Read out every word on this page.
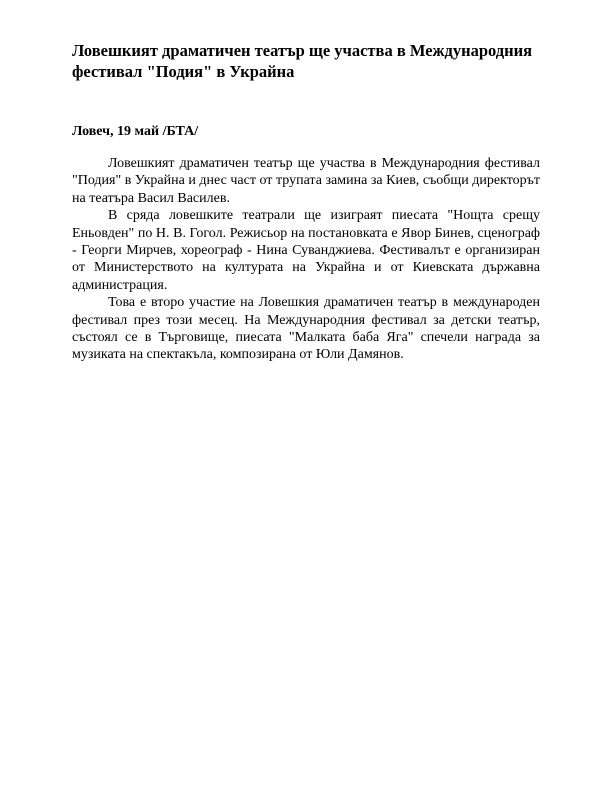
Ловешкият драматичен театър ще участва в Международния фестивал "Подия" в Украйна

Ловеч, 19 май /БТА/

Ловешкият драматичен театър ще участва в Международния фестивал "Подия" в Украйна и днес част от трупата замина за Киев, съобщи директорът на театъра Васил Василев.

В сряда ловешките театрали ще изиграят пиесата "Нощта срещу Еньовден" по Н. В. Гогол. Режисьор на постановката е Явор Бинев, сценограф - Георги Мирчев, хореограф - Нина Суванджиева. Фестивалът е организиран от Министерството на културата на Украйна и от Киевската държавна администрация.

Това е второ участие на Ловешкия драматичен театър в международен фестивал през този месец. На Международния фестивал за детски театър, състоял се в Търговище, пиесата "Малката баба Яга" спечели награда за музиката на спектакъла, композирана от Юли Дамянов.
